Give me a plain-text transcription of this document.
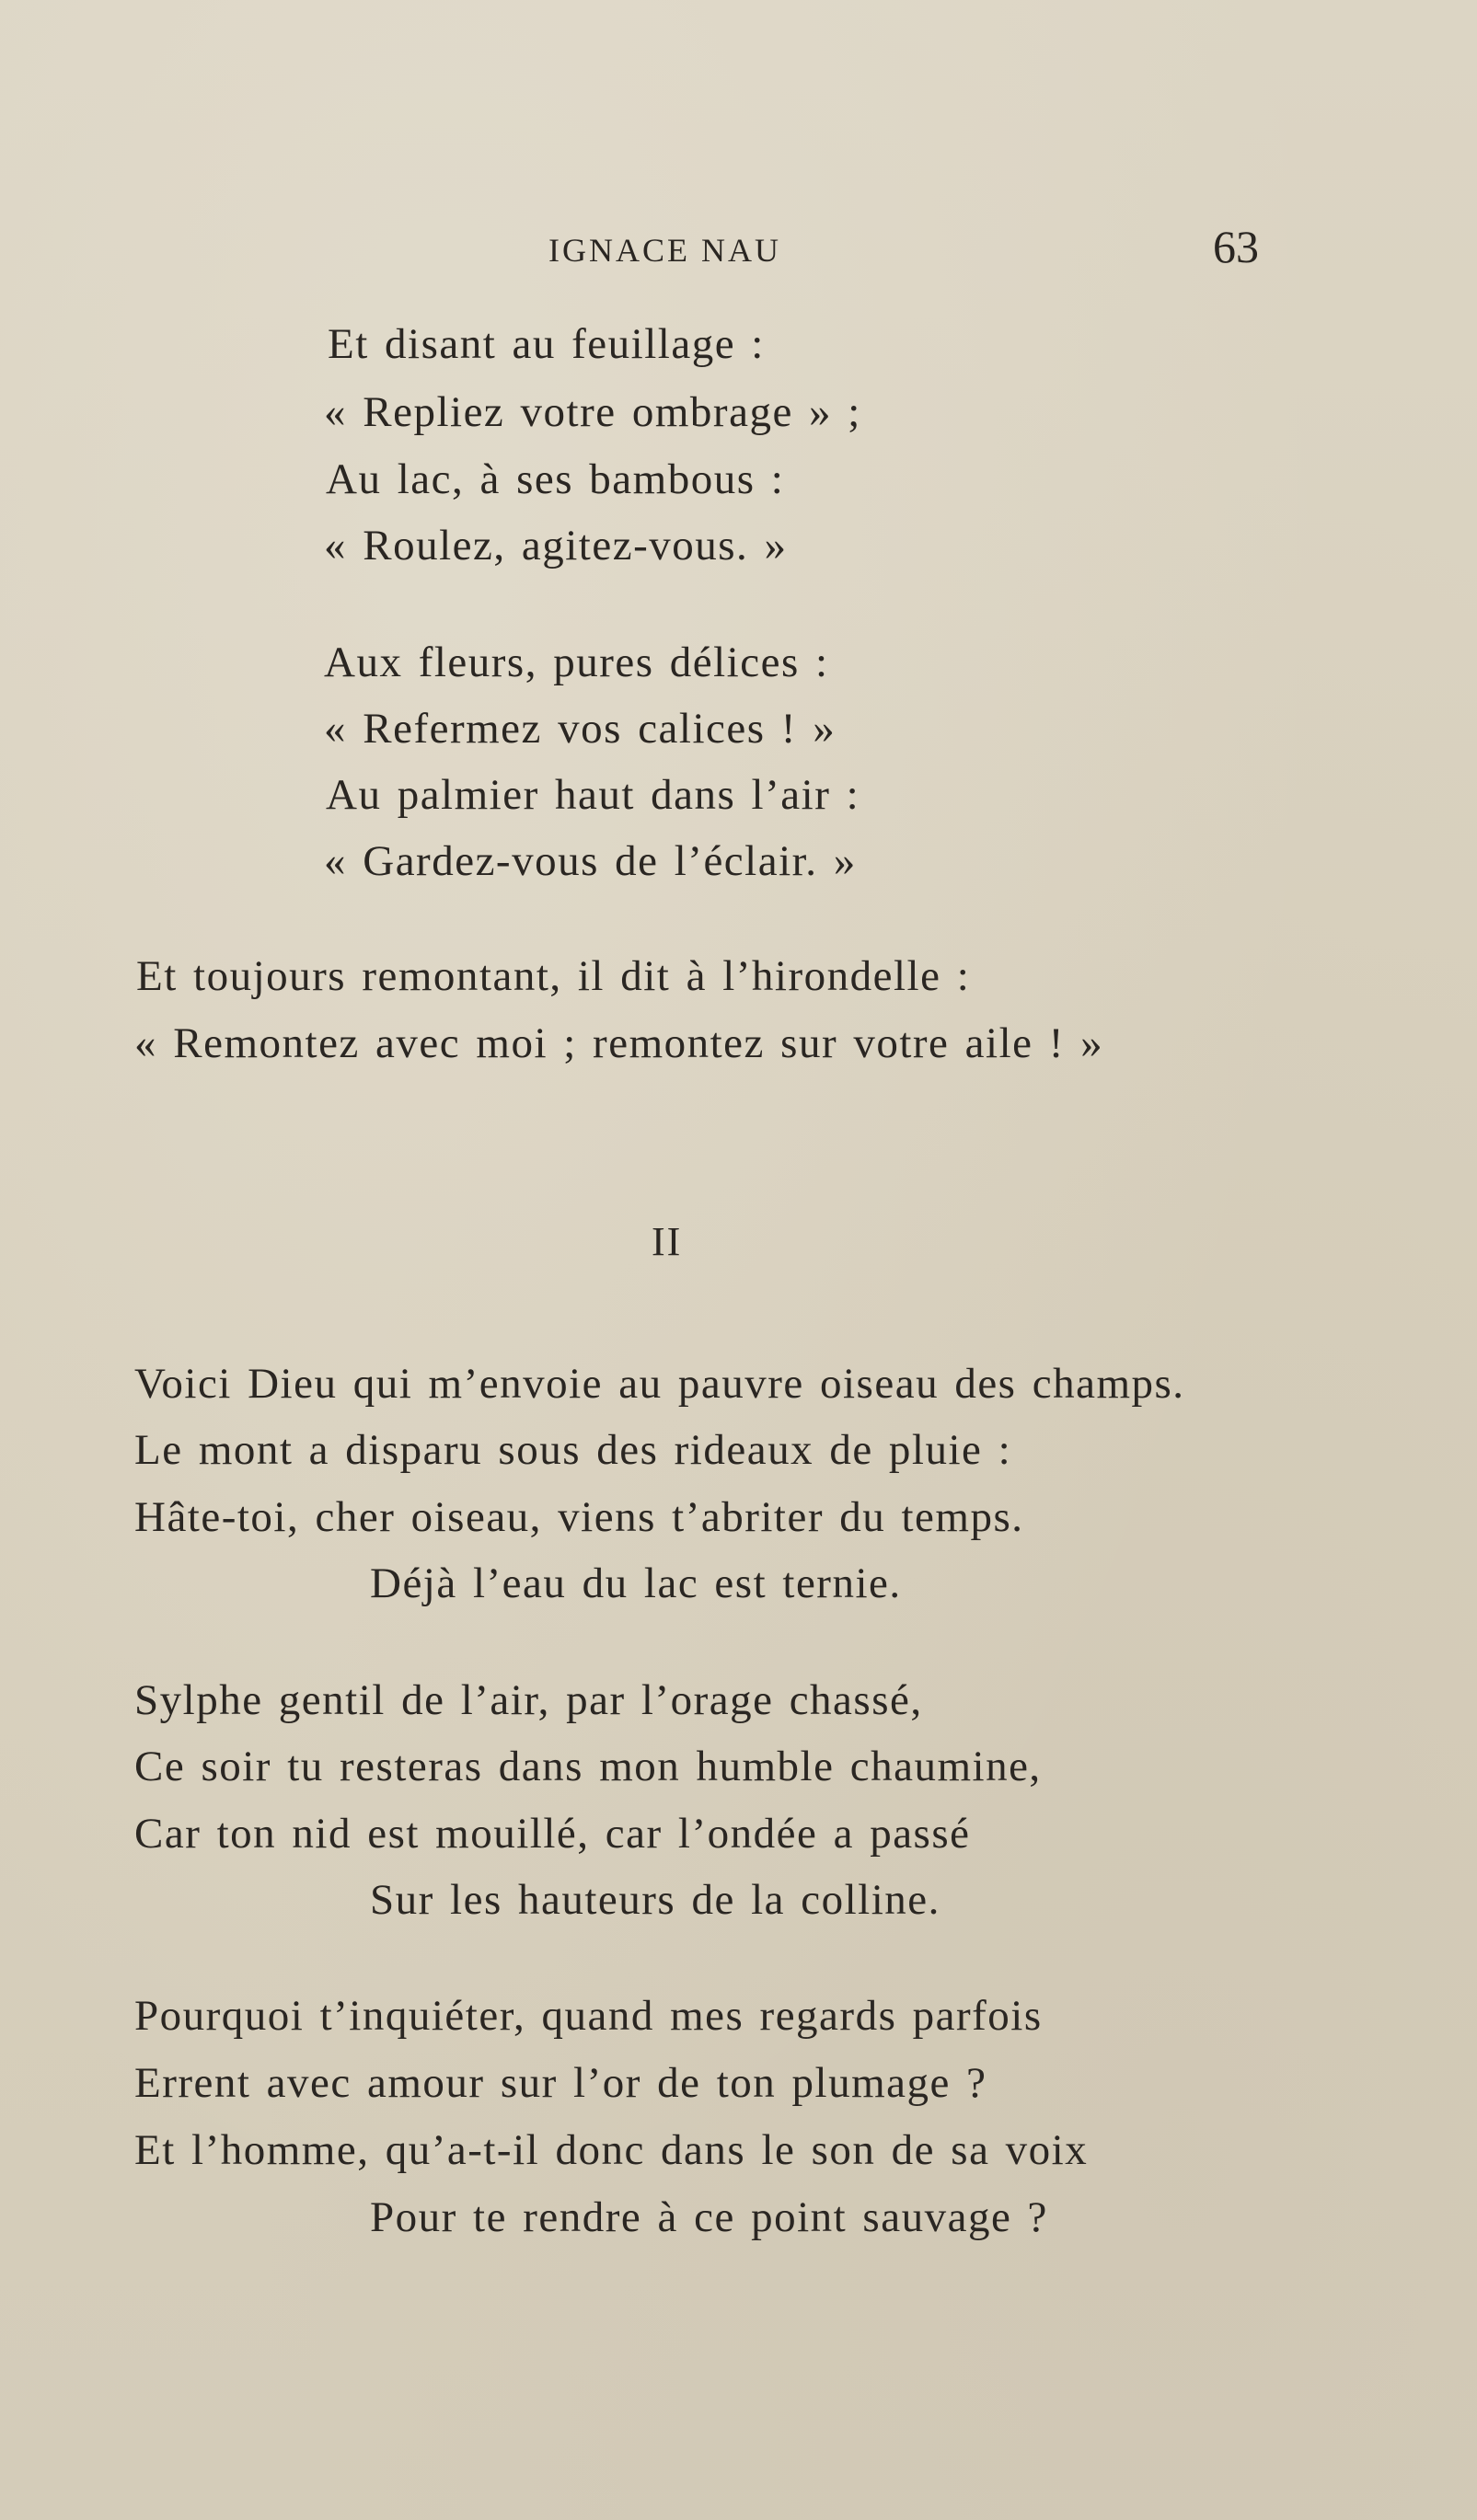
IGNACE NAU	63
Et disant au feuillage :
« Repliez votre ombrage » ;
Au lac, à ses bambous :
« Roulez, agitez-vous. »
Aux fleurs, pures délices :
« Refermez vos calices ! »
Au palmier haut dans l’air :
« Gardez-vous de l’éclair. »
Et toujours remontant, il dit à l’hirondelle :
« Remontez avec moi ; remontez sur votre aile ! »
II
Voici Dieu qui m’envoie au pauvre oiseau des champs.
Le mont a disparu sous des rideaux de pluie :
Hâte-toi, cher oiseau, viens t’abriter du temps.
Déjà l’eau du lac est ternie.
Sylphe gentil de l’air, par l’orage chassé,
Ce soir tu resteras dans mon humble chaumine,
Car ton nid est mouillé, car l’ondée a passé
Sur les hauteurs de la colline.
Pourquoi t’inquiéter, quand mes regards parfois
Errent avec amour sur l’or de ton plumage ?
Et l’homme, qu’a-t-il donc dans le son de sa voix
Pour te rendre à ce point sauvage ?
